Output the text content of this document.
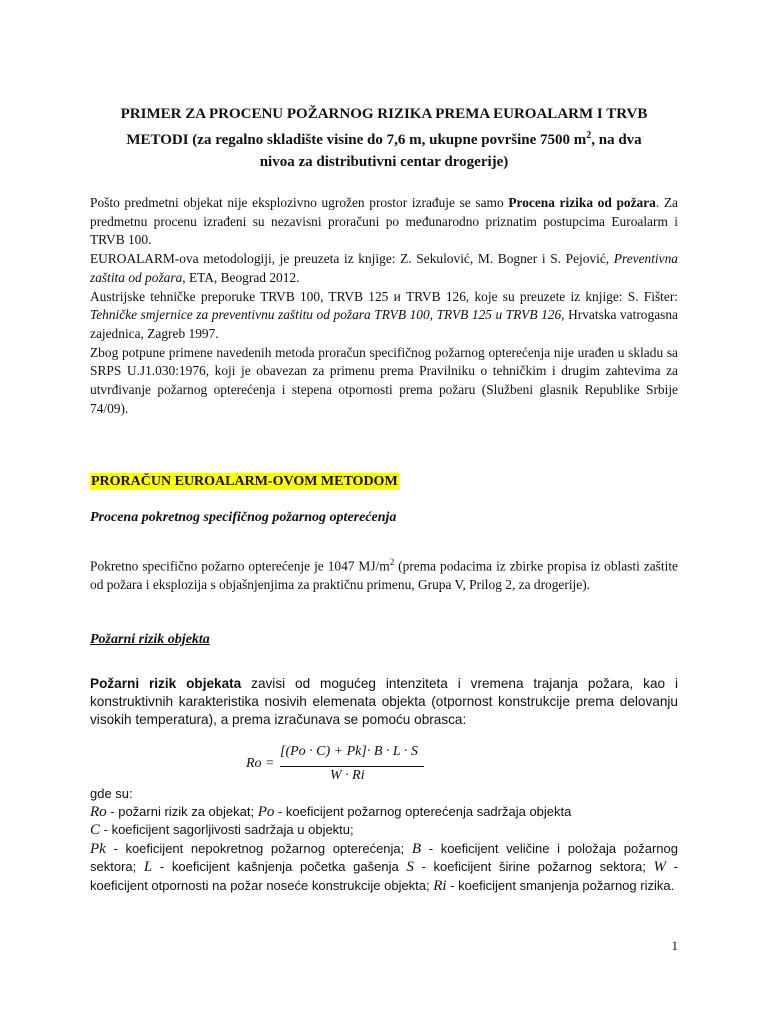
PRIMER ZA PROCENU POŽARNOG RIZIKA PREMA EUROALARM I TRVB
METODI (za regalno skladište visine do 7,6 m, ukupne površine 7500 $m^2$, na dva
nivoa za distributivni centar drogerije)

Pošto predmetni objekat nije eksplozivno ugrožen prostor izrađuje se samo Procena rizika od požara. Za predmetnu procenu izrađeni su nezavisni proračuni po međunarodno priznatim postupcima Euroalarm i TRVB 100.

EUROALARM-ova metodologiji, je preuzeta iz knjige: Z. Sekulović, M. Bogner i S. Pejović, Preventivna zaštita od požara, ETA, Beograd 2012.

Austrijske tehničke preporuke TRVB 100, TRVB 125 и TRVB 126, koje su preuzete iz knjige: S. Fišter: Tehničke smjernice za preventivnu zaštitu od požara TRVB 100, TRVB 125 u TRVB 126, Hrvatska vatrogasna zajednica, Zagreb 1997.

Zbog potpune primene navedenih metoda proračun specifičnog požarnog opterećenja nije urađen u skladu sa SRPS U.J1.030:1976, koji je obavezan za primenu prema Pravilniku o tehničkim i drugim zahtevima za utvrđivanje požarnog opterećenja i stepena otpornosti prema požaru (Službeni glasnik Republike Srbije 74/09).

PRORAČUN EUROALARM-OVOM METODOM
Procena pokretnog specifičnog požarnog opterećenja
Pokretno specifično požarno opterećenje je 1047 $MJ/m^2$ (prema podacima iz zbirke propisa iz oblasti zaštite od požara i eksplozija s objašnjenjima za praktičnu primenu, Grupa V, Prilog 2, za drogerije).
Požarni rizik objekta
Požarni rizik objekata zavisi od mogućeg intenziteta i vremena trajanja požara, kao i konstruktivnih karakteristika nosivih elemenata objekta (otpornost konstrukcije prema delovanju visokih temperatura), a prema izračunava se pomoću obrasca:
Ro =
[(Po · C) + Pk]· B · L · S
W · Ri
gde su:
Ro - požarni rizik za objekat; Po - koeficijent požarnog opterećenja sadržaja objekta
C - koeficijent sagorljivosti sadržaja u objektu;
Pk - koeficijent nepokretnog požarnog opterećenja; B - koeficijent veličine i položaja požarnog sektora; L - koeficijent kašnjenja početka gašenja S - koeficijent širine požarnog sektora; W - koeficijent otpornosti na požar noseće konstrukcije objekta; Ri - koeficijent smanjenja požarnog rizika.
1
